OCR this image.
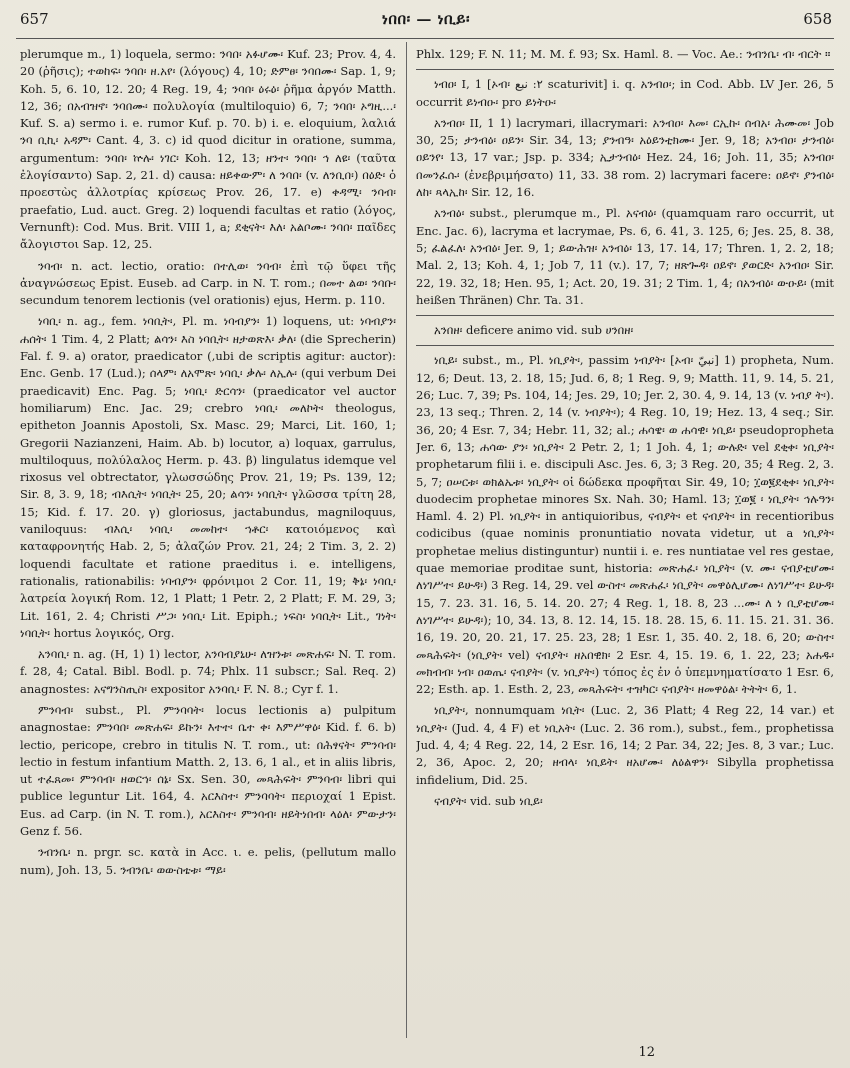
657	ነበበ፡ — ነቢይ፡	658

plerumque m., 1) loquela, sermo: ንባበ፡ አፉሆሙ፡ Kuf. 23; Prov. 4, 4. 20 (ῥῆσις); ተወከፍ፡ ንባበ፡ ዘ.አየ፡ (λόγους) 4, 10; ድምፀ፡ ንባበሙ፡ Sap. 1, 9; Koh. 5, 6. 10, 12. 20; 4 Reg. 19, 4; ንባበ፡ ዕሩዕ፡ ῥῆμα ἀργόν Matth. 12, 36; በአብዝኖ፡ ንባበሙ፡ πολυλογία (multiloquio) 6, 7; ንባበ፡ ኦግዚ...፡ Kuf. S. a) sermo i. e. rumor Kuf. p. 70. b) i. e. eloquium, λαλιά ንባ ቢኪ፡ አዳም፡ Cant. 4, 3. c) id quod dicitur in oratione, summa, argumentum: ንባበ፡ ኵሉ፡ ነገር፡ Koh. 12, 13; ዘንተ፡ ንባበ፡ ኅ ለዩ፡ (ταῦτα ἐλογίσαντο) Sap. 2, 21. d) causa: ዘይቀውም፡ ለ ንባበ፡ (v. ለንቢበ፡) በዕድ፡ ὁ προεστὼς ἀλλοτρίας κρίσεως Prov. 26, 17. e) ቀዳሚ፡ ንባብ፡ praefatio, Lud. auct. Greg. 2) loquendi facultas et ratio (λόγος, Vernunft): Cod. Mus. Brit. VIII 1, a; ደቂናት፡ እለ፡ አልቦሙ፡ ንባበ፡ παῖδες ἄλογιστοι Sap. 12, 25.

ንባብ፡ n. act. lectio, oratio: በተሊወ፡ ንባብ፡ ἐπὶ τῷ ὕφει τῆς ἀναγνώσεως Epist. Euseb. ad Carp. in N. T. rom.; በመተ ልወ፡ ንባቡ፡ secundum tenorem lectionis (vel orationis) ejus, Herm. p. 110.

ነባቢ፡ n. ag., fem. ነባቢት፡, Pl. m. ነባብያን፡ 1) loquens, ut: ነባብያን፡ ሐሰት፡ 1 Tim. 4, 2 Platt; ልሳን፡ እስ ነባቢት፡ ዘታወጽእ፡ ቃለ፡ (die Sprecherin) Fal. f. 9. a) orator, praedicator (‚ubi de scriptis agitur: auctor): Enc. Genb. 17 (Lud.); ሰላም፡ ለአሞጽ፡ ነባቢ፡ ቃሉ፡ ለኢሉ፡ (qui verbum Dei praedicavit) Enc. Pag. 5; ነባቢ፡ ድርሳን፡ (praedicator vel auctor homiliarum) Enc. Jac. 29; crebro ነባቢ፡ መለኮት፡ theologus, epitheton Joannis Apostoli, Sx. Masc. 29; Marci, Lit. 160, 1; Gregorii Nazianzeni, Haim. Ab. b) locutor, a) loquax, garrulus, multiloquus, πολύλαλος Herm. p. 43. β) lingulatus idemque vel rixosus vel obtrectator, γλωσσώδης Prov. 21, 19; Ps. 139, 12; Sir. 8, 3. 9, 18; ብእሲት፡ ነባቢት፡ 25, 20; ልሳን፡ ነባቢት፡ γλῶσσα τρίτη 28, 15; Kid. f. 17. 20. γ) gloriosus, jactabundus, magniloquus, vaniloquus: ብእሲ፡ ነባቢ፡ መመከተ፡ ኀቶር፡ κατοιόμενος καὶ καταφρονητής Hab. 2, 5; ἀλαζών Prov. 21, 24; 2 Tim. 3, 2. 2) loquendi facultate et ratione praeditus i. e. intelligens, rationalis, rationabilis: ነባብያን፡ φρόνιμοι 2 Cor. 11, 19; ቅኔ፡ ነባቢ፡ λατρεία λογική Rom. 12, 1 Platt; 1 Petr. 2, 2 Platt; F. M. 29, 3; Lit. 161, 2. 4; Christi ሥጋ፡ ነባቢ፡ Lit. Epiph.; ነፍስ፡ ነባቢት፡ Lit., ገነት፡ ነባቢት፡ hortus λογικός, Org.

አንባቢ፡ n. ag. (H, 1) 1) lector, አንባብያኒሁ፡ ለዝንቱ፡ መጽሐፍ፡ N. T. rom. f. 28, 4; Catal. Bibl. Bodl. p. 74; Phlx. 11 subscr.; Sal. Req. 2) anagnostes: አናግንስጢስ፡ expositor አንባቢ፡ F. N. 8.; Cyr f. 1.

ምንባብ፡ subst., Pl. ምንባባት፡ locus lectionis a) pulpitum anagnostae: ምንባበ፡ መጽሐፍ፡ ይኩን፡ እተተ፡ ቤተ ቀ፡ እምሥዋዕ፡ Kid. f. 6. b) lectio, pericope, crebro in titulis N. T. rom., ut: በሕፃናት፡ ምንባብ፡ lectio in festum infantium Matth. 2, 13. 6, 1 al., et in aliis libris, ut ተፈጸመ፡ ምንባብ፡ ዘወርኀ፡ ሰኔ፡ Sx. Sen. 30, መጻሕፍት፡ ምንባብ፡ libri qui publice leguntur Lit. 164, 4. አርእስተ፡ ምንባባት፡ περιοχαί 1 Epist. Eus. ad Carp. (in N. T. rom.), አርእስተ፡ ምንባብ፡ ዘይትነበብ፡ ላዕለ፡ ምውታን፡ Genz f. 56.

ንብንቤ፡ n. prgr. sc. κατὰ in Acc. ι. e. pelis, (pellutum mallo num), Joh. 13, 5. ንብንቤ፡ ወውስቴቱ፡ ማይ፡

Phlx. 129; F. N. 11; M. M. f. 93; Sx. Haml. 8. — Voc. Ae.: ንብንቤ፡ ብ፡ ብርት ።

ነብዐ፡ I, 1 [ኦብ፡ ٢: نبع scaturivit] i. q. አንብዐ፡; in Cod. Abb. LV Jer. 26, 5 occurrit ይነብዑ፡ pro ይነትዑ፡

አንብዐ፡ II, 1 1) lacrymari, illacrymari: አንብዐ፡ እመ፡ ርኢኩ፡ ሰብአ፡ ሕሙመ፡ Job 30, 25; ታንብዕ፡ ዐይን፡ Sir. 34, 13; ያንብዓ፡ አዕይንቲክሙ፡ Jer. 9, 18; አንብዐ፡ ታንብዕ፡ ዐይንየ፡ 13, 17 var.; Jsp. p. 334; ኢታንብዕ፡ Hez. 24, 16; Joh. 11, 35; አንብዐ፡ በመንፈሱ፡ (ἐνεβριμήσατο) 11, 33. 38 rom. 2) lacrymari facere: ዐይኖ፡ ያንብዕ፡ ለከ፡ ጻላኢከ፡ Sir. 12, 16.

አንብዕ፡ subst., plerumque m., Pl. አናብዕ፡ (quamquam raro occurrit, ut Enc. Jac. 6), lacryma et lacrymae, Ps. 6, 6. 41, 3. 125, 6; Jes. 25, 8. 38, 5; ፈልፈለ፡ አንብዕ፡ Jer. 9, 1; ይውሕዝ፡ አንብዕ፡ 13, 17. 14, 17; Thren. 1, 2. 2, 18; Mal. 2, 13; Koh. 4, 1; Job 7, 11 (v.). 17, 7; ዘጽጐዳ፡ ዐይኖ፡ ያወርድ፡ አንብዐ፡ Sir. 22, 19. 32, 18; Hen. 95, 1; Act. 20, 19. 31; 2 Tim. 1, 4; በአንብዕ፡ ውዑይ፡ (mit heißen Thränen) Chr. Ta. 31.

አንበዘ፡ deficere animo vid. sub ሀንበዘ፡

ነቢይ፡ subst., m., Pl. ነቢያት፡, passim ነብያት፡ [ኦብ፡ نبيّ] 1) propheta, Num. 12, 6; Deut. 13, 2. 18, 15; Jud. 6, 8; 1 Reg. 9, 9; Matth. 11, 9. 14, 5. 21, 26; Luc. 7, 39; Ps. 104, 14; Jes. 29, 10; Jer. 2, 30. 4, 9. 14, 13 (v. ነብያ ት፡). 23, 13 seq.; Thren. 2, 14 (v. ነብያት፡); 4 Reg. 10, 19; Hez. 13, 4 seq.; Sir. 36, 20; 4 Esr. 7, 34; Hebr. 11, 32; al.; ሐሳዌ፡ ወ ሐሳዊ፡ ነቢይ፡ pseudopropheta Jer. 6, 13; ሐሳው ያን፡ ነቢያት፡ 2 Petr. 2, 1; 1 Joh. 4, 1; ውሉድ፡ vel ደቂቀ፡ ነቢያት፡ prophetarum filii i. e. discipuli Asc. Jes. 6, 3; 3 Reg. 20, 35; 4 Reg. 2, 3. 5, 7; ዐሠርቱ፡ ወክልኤቱ፡ ነቢያት፡ οἱ δώδεκα προφῆται Sir. 49, 10; ፲ወ፪ደቂቀ፡ ነቢያት፡ duodecim prophetae minores Sx. Nah. 30; Haml. 13; ፲ወ፪ ፡ ነቢያት፡ ኅሉዓን፡ Haml. 4. 2) Pl. ነቢያት፡ in antiquioribus, ናብያት፡ et ናብያት፡ in recentioribus codicibus (quae nominis pronuntiatio novata videtur, ut a ነቢያት፡ prophetae melius distinguntur) nuntii i. e. res nuntiatae vel res gestae, quae memoriae proditae sunt, historia: መጽሐፈ፡ ነቢያት፡ (v. ሙ፡ ናብያቲሆሙ፡ ለነገሥተ፡ ይሁዳ፡) 3 Reg. 14, 29. vel ውስተ፡ መጽሐፈ፡ ነቢያት፡ መዋዕሊሆሙ፡ ለነገሥተ፡ ይሁዳ፡ 15, 7. 23. 31. 16, 5. 14. 20. 27; 4 Reg. 1, 18. 8, 23 ...ሙ፡ ለ ነ ቢያቲሆሙ፡ ለነገሥተ፡ ይሁዳ፡); 10, 34. 13, 8. 12. 14, 15. 18. 28. 15, 6. 11. 15. 21. 31. 36. 16, 19. 20, 20. 21, 17. 25. 23, 28; 1 Esr. 1, 35. 40. 2, 18. 6, 20; ውስተ፡ መጻሕፍት፡ (ነቢያት፡ vel) ናብያት፡ ዘአበዊክ፡ 2 Esr. 4, 15. 19. 6, 1. 22, 23; አሐዱ፡ መክብብ፡ ነብ፡ ዐወጤ፡ ናብያት፡ (v. ነቢያት፡) τόπος ἐς ἐν ὁ ὑπεμνηματίσατο 1 Esr. 6, 22; Esth. ap. 1. Esth. 2, 23, መጻሕፍት፡ ተዝካር፡ ናብያት፡ ዘመዋዕል፡ ትትት፡ 6, 1.

ነቢያት፡, nonnumquam ነቢት፡ (Luc. 2, 36 Platt; 4 Reg 22, 14 var.) et ነቢያት፡ (Jud. 4, 4 F) et ነቢአት፡ (Luc. 2. 36 rom.), subst., fem., prophetissa Jud. 4, 4; 4 Reg. 22, 14, 2 Esr. 16, 14; 2 Par. 34, 22; Jes. 8, 3 var.; Luc. 2, 36, Apoc. 2, 20; ዘብላ፡ ነቢይት፡ ዘአሆሙ፡ ለዕልዋን፡ Sibylla prophetissa infidelium, Did. 25.

ናብያት፡ vid. sub ነቢይ፡

12
